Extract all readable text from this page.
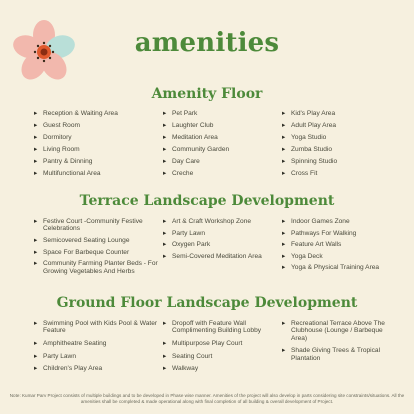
amenities
Amenity Floor
▸ Reception & Waiting Area
▸ Guest Room
▸ Dormitory
▸ Living Room
▸ Pantry & Dinning
▸ Multifunctional Area
▸ Pet Park
▸ Laughter Club
▸ Meditation Area
▸ Community Garden
▸ Day Care
▸ Creche
▸ Kid's Play Area
▸ Adult Play Area
▸ Yoga Studio
▸ Zumba Studio
▸ Spinning Studio
▸ Cross Fit
Terrace Landscape Development
▸ Festive Court -Community Festive Celebrations
▸ Semicovered Seating Lounge
▸ Space For Barbeque Counter
▸ Community Farming Planter Beds - For Growing Vegetables And Herbs
▸ Art & Craft Workshop Zone
▸ Party Lawn
▸ Oxygen Park
▸ Semi-Covered Meditation Area
▸ Indoor Games Zone
▸ Pathways For Walking
▸ Feature Art Walls
▸ Yoga Deck
▸ Yoga & Physical Training Area
Ground Floor Landscape Development
▸ Swimming Pool with Kids Pool & Water Feature
▸ Amphitheatre Seating
▸ Party Lawn
▸ Children's Play Area
▸ Dropoff with Feature Wall Complimenting Building Lobby
▸ Multipurpose Play Court
▸ Seating Court
▸ Walkway
▸ Recreational Terrace Above The Clubhouse (Lounge / Barbeque Area)
▸ Shade Giving Trees & Tropical Plantation
Note: Kumar Parv Project consists of multiple buildings and to be developed in Phase wise manner. Amenities of the project will also develop in parts considering site constraints/situations. All the amenities shall be completed & made operational along with final completion of all building & overall development of Project.
